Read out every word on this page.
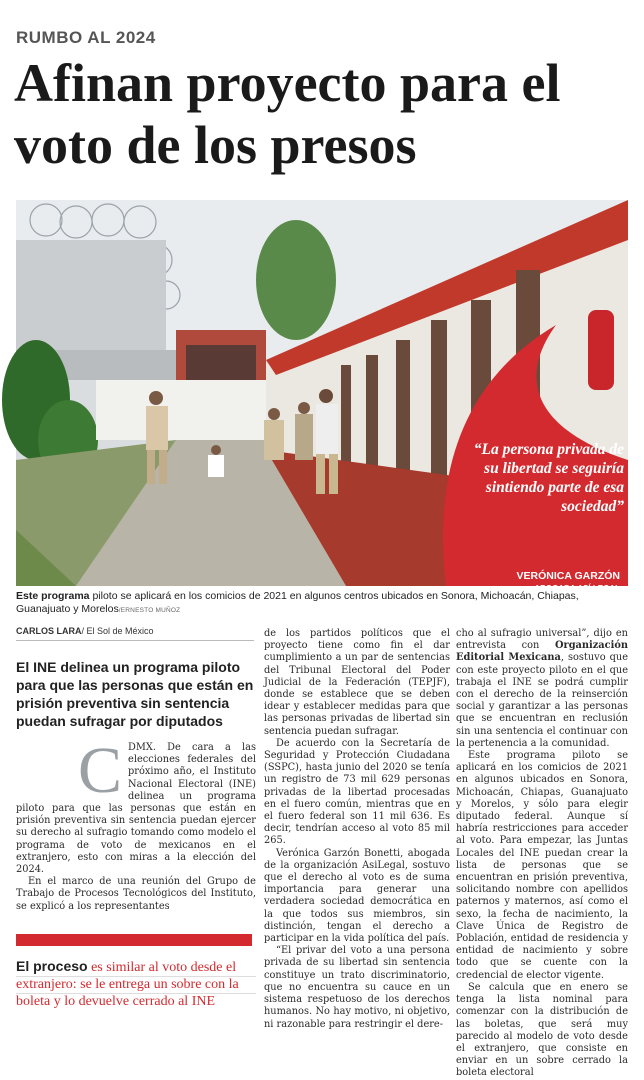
RUMBO AL 2024
Afinan proyecto para el voto de los presos
“La persona privada de su libertad se seguiría sintiendo parte de esa sociedad”
VERÓNICA GARZÓN
ABOGADA ASÍ LEGAL
Este programa piloto se aplicará en los comicios de 2021 en algunos centros ubicados en Sonora, Michoacán, Chiapas, Guanajuato y Morelos/ERNESTO MUÑOZ
CARLOS LARA/ El Sol de México
El INE delinea un programa piloto para que las personas que están en prisión preventiva sin sentencia puedan sufragar por diputados
C DMX. De cara a las elecciones federales del próximo año, el Instituto Nacional Electoral (INE) delinea un programa piloto para que las personas que están en prisión preventiva sin sentencia puedan ejercer su derecho al sufragio tomando como modelo el programa de voto de mexicanos en el extranjero, esto con miras a la elección del 2024.

En el marco de una reunión del Grupo de Trabajo de Procesos Tecnológicos del Instituto, se explicó a los representantes

de los partidos políticos que el proyecto tiene como fin el dar cumplimiento a un par de sentencias del Tribunal Electoral del Poder Judicial de la Federación (TEPJF), donde se establece que se deben idear y establecer medidas para que las personas privadas de libertad sin sentencia puedan sufragar.

De acuerdo con la Secretaría de Seguridad y Protección Ciudadana (SSPC), hasta junio del 2020 se tenía un registro de 73 mil 629 personas privadas de la libertad procesadas en el fuero común, mientras que en el fuero federal son 11 mil 636. Es decir, tendrían acceso al voto 85 mil 265.

Verónica Garzón Bonetti, abogada de la organización AsiLegal, sostuvo que el derecho al voto es de suma importancia para generar una verdadera sociedad democrática en la que todos sus miembros, sin distinción, tengan el derecho a participar en la vida política del país.

“El privar del voto a una persona privada de su libertad sin sentencia constituye un trato discriminatorio, que no encuentra su cauce en un sistema respetuoso de los derechos humanos. No hay motivo, ni objetivo, ni razonable para restringir el dere-

cho al sufragio universal”, dijo en entrevista con Organización Editorial Mexicana, sostuvo que con este proyecto piloto en el que trabaja el INE se podrá cumplir con el derecho de la reinserción social y garantizar a las personas que se encuentran en reclusión sin una sentencia el continuar con la pertenencia a la comunidad.

Este programa piloto se aplicará en los comicios de 2021 en algunos ubicados en Sonora, Michoacán, Chiapas, Guanajuato y Morelos, y sólo para elegir diputado federal. Aunque sí habría restricciones para acceder al voto. Para empezar, las Juntas Locales del INE puedan crear la lista de personas que se encuentran en prisión preventiva, solicitando nombre con apellidos paternos y maternos, así como el sexo, la fecha de nacimiento, la Clave Única de Registro de Población, entidad de residencia y entidad de nacimiento y sobre todo que se cuente con la credencial de elector vigente.

Se calcula que en enero se tenga la lista nominal para comenzar con la distribución de las boletas, que será muy parecido al modelo de voto desde el extranjero, que consiste en enviar en un sobre cerrado la boleta electoral

El proceso es similar al voto desde el extranjero: se le entrega un sobre con la boleta y lo devuelve cerrado al INE
